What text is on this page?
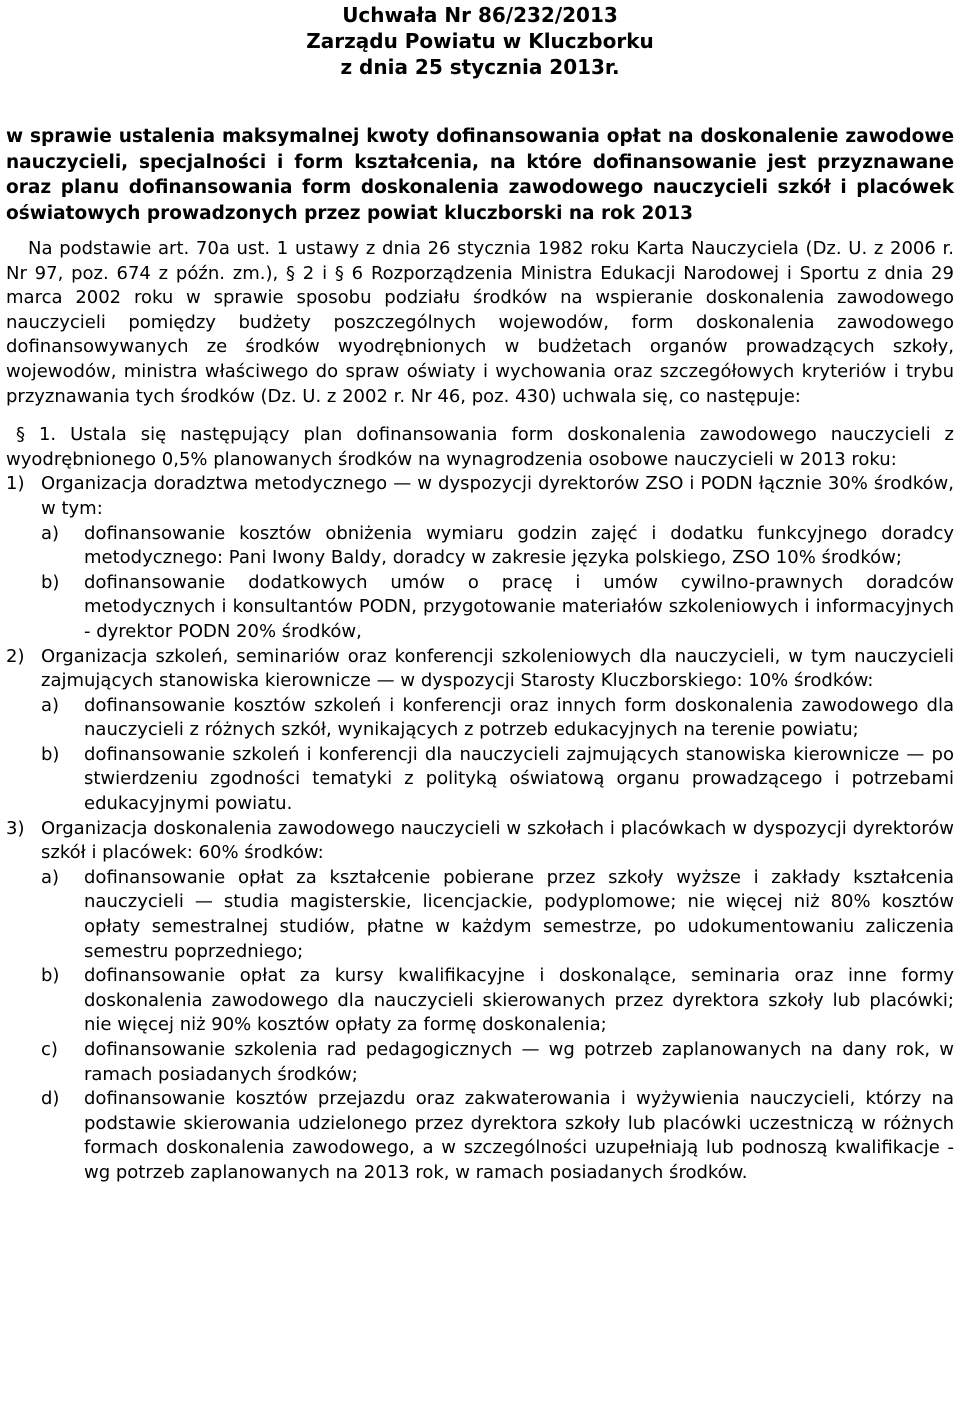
Uchwała Nr 86/232/2013
Zarządu Powiatu w Kluczborku
z dnia 25 stycznia 2013r.
w sprawie ustalenia maksymalnej kwoty dofinansowania opłat na doskonalenie zawodowe nauczycieli, specjalności i form kształcenia, na które dofinansowanie jest przyznawane oraz planu dofinansowania form doskonalenia zawodowego nauczycieli szkół i placówek oświatowych prowadzonych przez powiat kluczborski na rok 2013
Na podstawie art. 70a ust. 1 ustawy z dnia 26 stycznia 1982 roku Karta Nauczyciela (Dz. U. z 2006 r. Nr 97, poz. 674 z późn. zm.), § 2 i § 6 Rozporządzenia Ministra Edukacji Narodowej i Sportu z dnia 29 marca 2002 roku w sprawie sposobu podziału środków na wspieranie doskonalenia zawodowego nauczycieli pomiędzy budżety poszczególnych wojewodów, form doskonalenia zawodowego dofinansowywanych ze środków wyodrębnionych w budżetach organów prowadzących szkoły, wojewodów, ministra właściwego do spraw oświaty i wychowania oraz szczegółowych kryteriów i trybu przyznawania tych środków (Dz. U. z 2002 r. Nr 46, poz. 430) uchwala się, co następuje:
§ 1. Ustala się następujący plan dofinansowania form doskonalenia zawodowego nauczycieli z wyodrębnionego 0,5% planowanych środków na wynagrodzenia osobowe nauczycieli w 2013 roku:
1) Organizacja doradztwa metodycznego — w dyspozycji dyrektorów ZSO i PODN łącznie 30% środków, w tym:
a) dofinansowanie kosztów obniżenia wymiaru godzin zajęć i dodatku funkcyjnego doradcy metodycznego: Pani Iwony Baldy, doradcy w zakresie języka polskiego, ZSO 10% środków;
b) dofinansowanie dodatkowych umów o pracę i umów cywilno-prawnych doradców metodycznych i konsultantów PODN, przygotowanie materiałów szkoleniowych i informacyjnych - dyrektor PODN 20% środków,
2) Organizacja szkoleń, seminariów oraz konferencji szkoleniowych dla nauczycieli, w tym nauczycieli zajmujących stanowiska kierownicze — w dyspozycji Starosty Kluczborskiego: 10% środków:
a) dofinansowanie kosztów szkoleń i konferencji oraz innych form doskonalenia zawodowego dla nauczycieli z różnych szkół, wynikających z potrzeb edukacyjnych na terenie powiatu;
b) dofinansowanie szkoleń i konferencji dla nauczycieli zajmujących stanowiska kierownicze — po stwierdzeniu zgodności tematyki z polityką oświatową organu prowadzącego i potrzebami edukacyjnymi powiatu.
3) Organizacja doskonalenia zawodowego nauczycieli w szkołach i placówkach w dyspozycji dyrektorów szkół i placówek: 60% środków:
a) dofinansowanie opłat za kształcenie pobierane przez szkoły wyższe i zakłady kształcenia nauczycieli — studia magisterskie, licencjackie, podyplomowe; nie więcej niż 80% kosztów opłaty semestralnej studiów, płatne w każdym semestrze, po udokumentowaniu zaliczenia semestru poprzedniego;
b) dofinansowanie opłat za kursy kwalifikacyjne i doskonalące, seminaria oraz inne formy doskonalenia zawodowego dla nauczycieli skierowanych przez dyrektora szkoły lub placówki; nie więcej niż 90% kosztów opłaty za formę doskonalenia;
c) dofinansowanie szkolenia rad pedagogicznych — wg potrzeb zaplanowanych na dany rok, w ramach posiadanych środków;
d) dofinansowanie kosztów przejazdu oraz zakwaterowania i wyżywienia nauczycieli, którzy na podstawie skierowania udzielonego przez dyrektora szkoły lub placówki uczestniczą w różnych formach doskonalenia zawodowego, a w szczególności uzupełniają lub podnoszą kwalifikacje - wg potrzeb zaplanowanych na 2013 rok, w ramach posiadanych środków.
